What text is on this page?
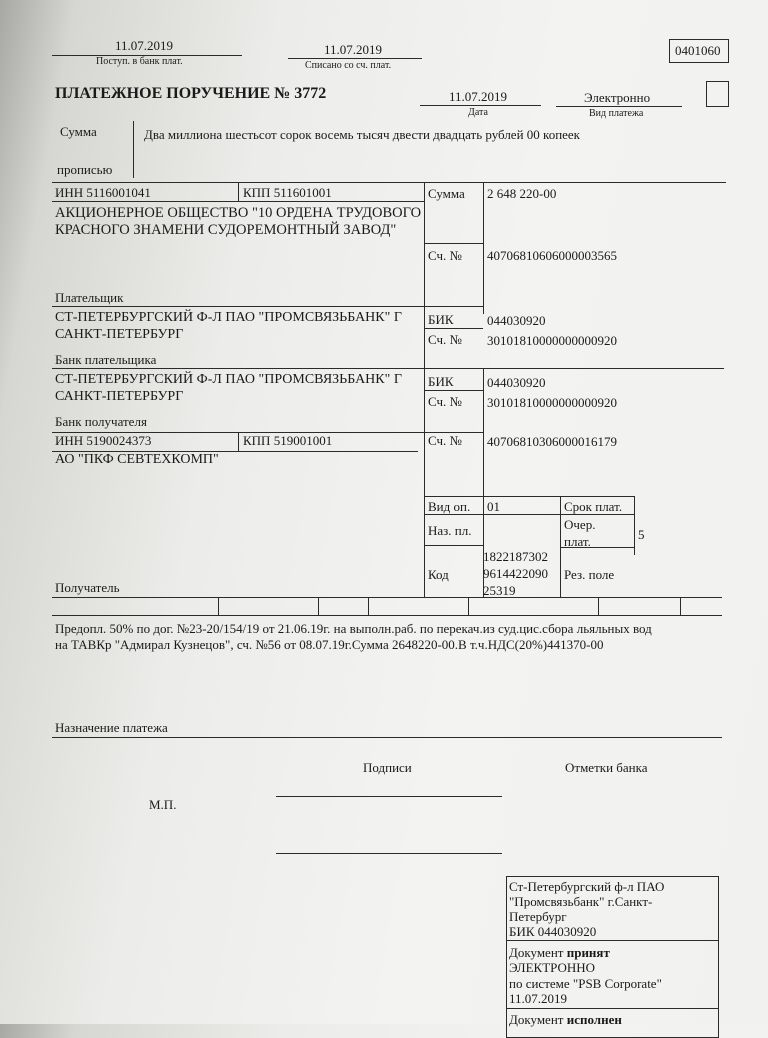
11.07.2019
Поступ. в банк плат.
11.07.2019
Списано со сч. плат.
0401060
ПЛАТЕЖНОЕ ПОРУЧЕНИЕ № 3772	11.07.2019
Дата
Электронно
Вид платежа
Сумма
прописью
Два миллиона шестьсот сорок восемь тысяч двести двадцать рублей 00 копеек
ИНН 5116001041	КПП 511601001	Сумма 2 648 220-00
АКЦИОНЕРНОЕ ОБЩЕСТВО "10 ОРДЕНА ТРУДОВОГО КРАСНОГО ЗНАМЕНИ СУДОРЕМОНТНЫЙ ЗАВОД"
Сч. № 40706810606000003565
Плательщик
СТ-ПЕТЕРБУРГСКИЙ Ф-Л ПАО "ПРОМСВЯЗЬБАНК" Г САНКТ-ПЕТЕРБУРГ
БИК	044030920
Сч. № 30101810000000000920
Банк плательщика
СТ-ПЕТЕРБУРГСКИЙ Ф-Л ПАО "ПРОМСВЯЗЬБАНК" Г САНКТ-ПЕТЕРБУРГ
БИК	044030920
Сч. № 30101810000000000920
Банк получателя
ИНН 5190024373	КПП 519001001	Сч. № 40706810306000016179
АО "ПКФ СЕВТЕХКОМП"
Получатель
Вид оп. 01	Срок плат.
Наз. пл.	Очер.
плат.	5
Код
1822187302
9614422090
25319
Рез. поле
Предопл. 50% по дог. №23-20/154/19 от 21.06.19г. на выполн.раб. по перекач.из суд.цис.сбора льяльных вод
на ТАВКр "Адмирал Кузнецов", сч. №56 от 08.07.19г.Сумма 2648220-00.В т.ч.НДС(20%)441370-00
Назначение платежа
Подписи	Отметки банка
М.П.
Ст-Петербургский ф-л ПАО
"Промсвязьбанк" г.Санкт-
Петербург
БИК 044030920
Документ принят
ЭЛЕКТРОННО
по системе "PSB Corporate"
11.07.2019
Документ исполнен
